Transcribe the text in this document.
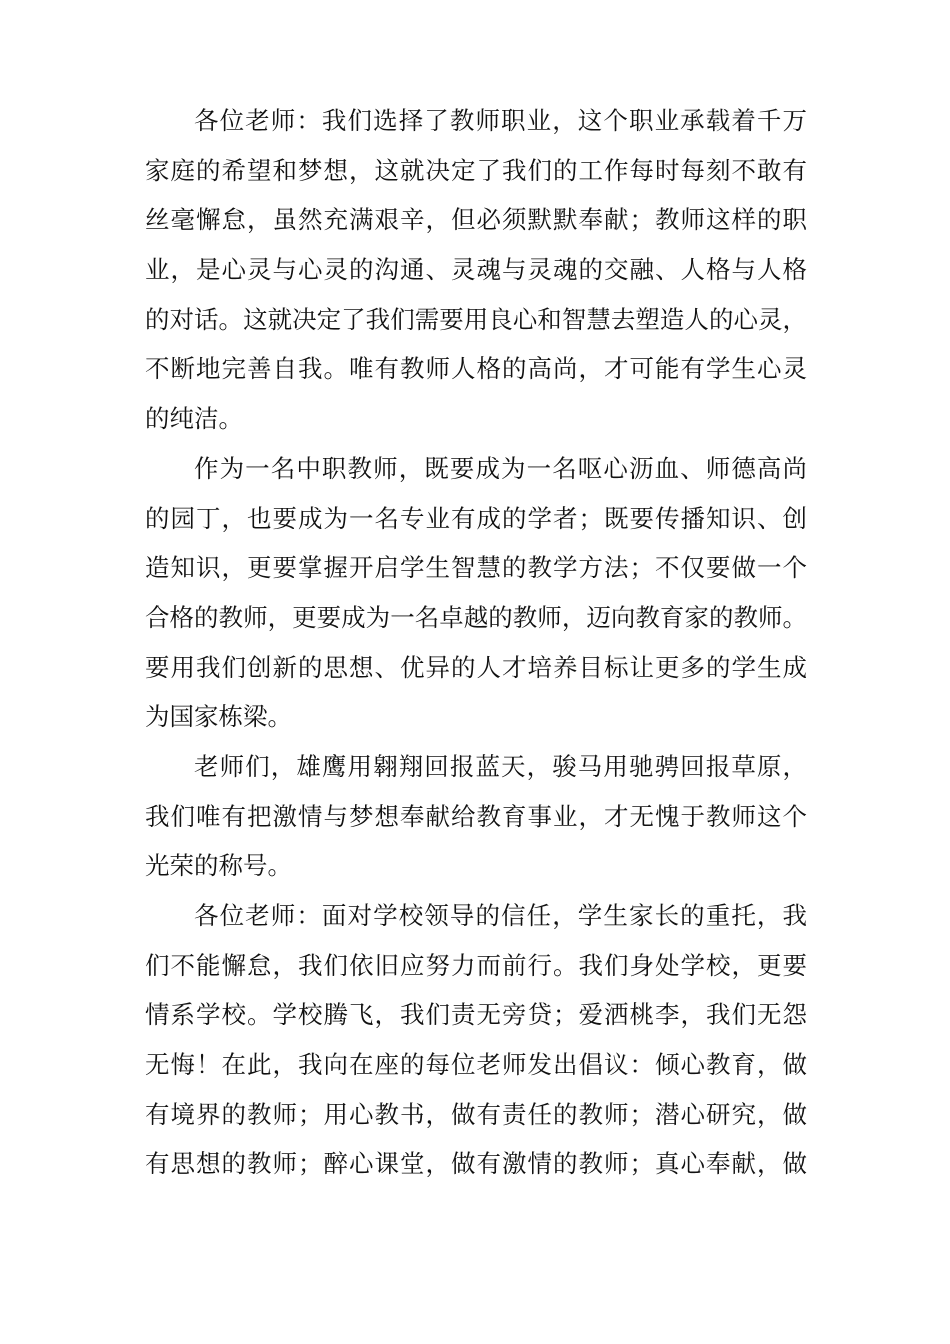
各位老师：我们选择了教师职业，这个职业承载着千万
家庭的希望和梦想，这就决定了我们的工作每时每刻不敢有
丝毫懈怠，虽然充满艰辛，但必须默默奉献；教师这样的职
业，是心灵与心灵的沟通、灵魂与灵魂的交融、人格与人格
的对话。这就决定了我们需要用良心和智慧去塑造人的心灵，
不断地完善自我。唯有教师人格的高尚，才可能有学生心灵
的纯洁。
作为一名中职教师，既要成为一名呕心沥血、师德高尚
的园丁，也要成为一名专业有成的学者；既要传播知识、创
造知识，更要掌握开启学生智慧的教学方法；不仅要做一个
合格的教师，更要成为一名卓越的教师，迈向教育家的教师。
要用我们创新的思想、优异的人才培养目标让更多的学生成
为国家栋梁。
老师们，雄鹰用翱翔回报蓝天，骏马用驰骋回报草原，
我们唯有把激情与梦想奉献给教育事业，才无愧于教师这个
光荣的称号。
各位老师：面对学校领导的信任，学生家长的重托，我
们不能懈怠，我们依旧应努力而前行。我们身处学校，更要
情系学校。学校腾飞，我们责无旁贷；爱洒桃李，我们无怨
无悔！在此，我向在座的每位老师发出倡议：倾心教育，做
有境界的教师；用心教书，做有责任的教师；潜心研究，做
有思想的教师；醉心课堂，做有激情的教师；真心奉献，做
